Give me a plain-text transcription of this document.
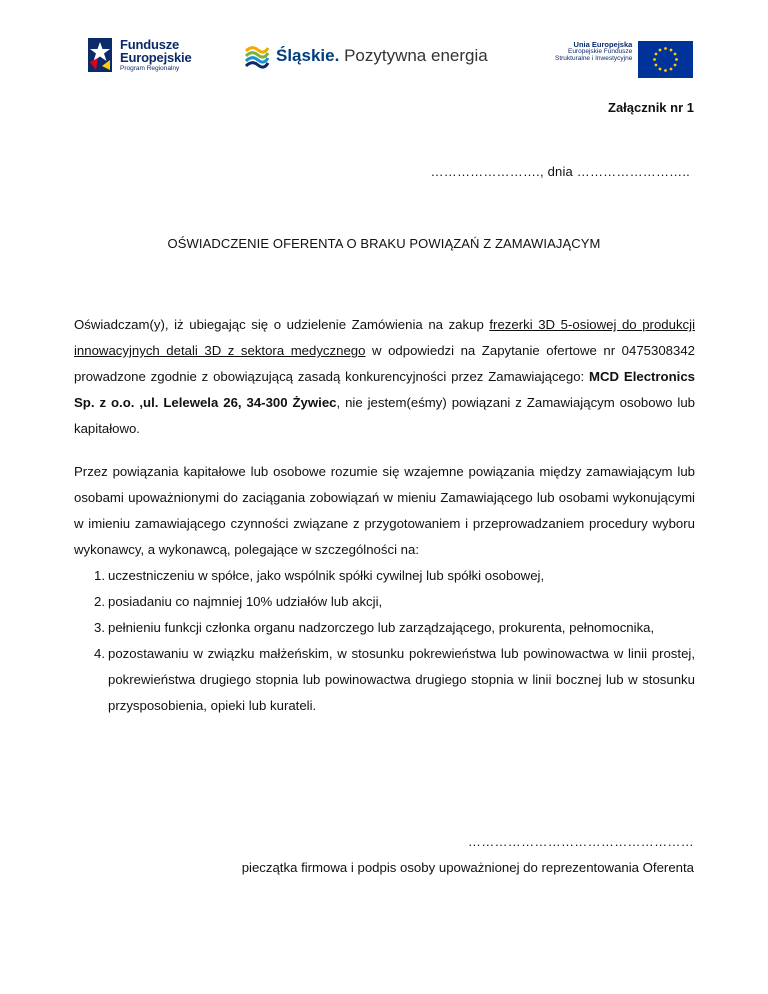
Fundusze
Europejskie
Program Regionalny
Śląskie. Pozytywna energia
Unia Europejska
Europejskie Fundusze
Strukturalne i Inwestycyjne
Załącznik nr 1
……………………., dnia ……………………..
OŚWIADCZENIE OFERENTA O BRAKU POWIĄZAŃ Z ZAMAWIAJĄCYM

Oświadczam(y), iż ubiegając się o udzielenie Zamówienia na zakup frezerki 3D 5-osiowej do produkcji innowacyjnych detali 3D z sektora medycznego w odpowiedzi na Zapytanie ofertowe nr 0475308342 prowadzone zgodnie z obowiązującą zasadą konkurencyjności przez Zamawiającego: MCD Electronics Sp. z o.o. ,ul. Lelewela 26, 34-300 Żywiec, nie jestem(eśmy) powiązani z Zamawiającym osobowo lub kapitałowo.

Przez powiązania kapitałowe lub osobowe rozumie się wzajemne powiązania między zamawiającym lub osobami upoważnionymi do zaciągania zobowiązań w mieniu Zamawiającego lub osobami wykonującymi w imieniu zamawiającego czynności związane z przygotowaniem i przeprowadzaniem procedury wyboru wykonawcy, a wykonawcą, polegające w szczególności na:

1. uczestniczeniu w spółce, jako wspólnik spółki cywilnej lub spółki osobowej,
2. posiadaniu co najmniej 10% udziałów lub akcji,
3. pełnieniu funkcji członka organu nadzorczego lub zarządzającego, prokurenta, pełnomocnika,
4. pozostawaniu w związku małżeńskim, w stosunku pokrewieństwa lub powinowactwa w linii prostej, pokrewieństwa drugiego stopnia lub powinowactwa drugiego stopnia w linii bocznej lub w stosunku przysposobienia, opieki lub kurateli.
……………………………………………
pieczątka firmowa i podpis osoby upoważnionej do reprezentowania Oferenta
